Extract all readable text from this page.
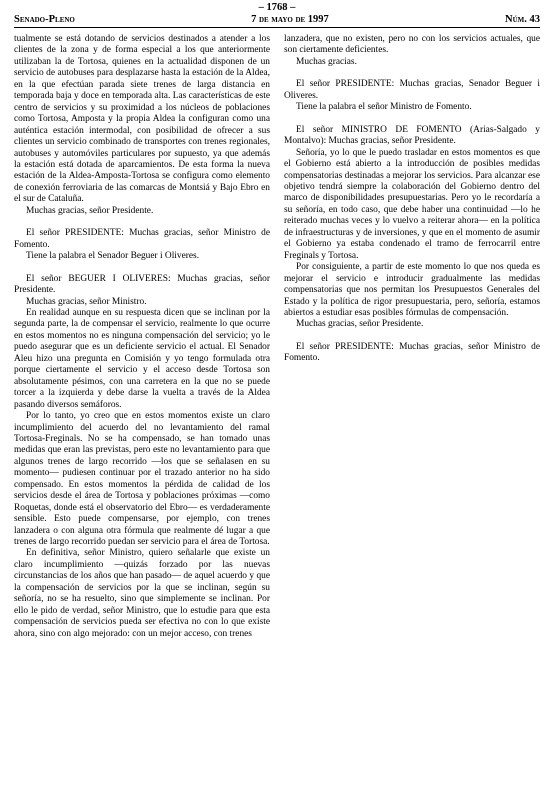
– 1768 –
Senado-Pleno	7 de mayo de 1997	Núm. 43

tualmente se está dotando de servicios destinados a atender a los clientes de la zona y de forma especial a los que anteriormente utilizaban la de Tortosa, quienes en la actualidad disponen de un servicio de autobuses para desplazarse hasta la estación de la Aldea, en la que efectúan parada siete trenes de larga distancia en temporada baja y doce en temporada alta. Las características de este centro de servicios y su proximidad a los núcleos de poblaciones como Tortosa, Amposta y la propia Aldea la configuran como una auténtica estación intermodal, con posibilidad de ofrecer a sus clientes un servicio combinado de transportes con trenes regionales, autobuses y automóviles particulares por supuesto, ya que además la estación está dotada de aparcamientos. De esta forma la nueva estación de la Aldea-Amposta-Tortosa se configura como elemento de conexión ferroviaria de las comarcas de Montsiá y Bajo Ebro en el sur de Cataluña.

Muchas gracias, señor Presidente.

El señor PRESIDENTE: Muchas gracias, señor Ministro de Fomento.

Tiene la palabra el Senador Beguer i Oliveres.

El señor BEGUER I OLIVERES: Muchas gracias, señor Presidente.

Muchas gracias, señor Ministro.

En realidad aunque en su respuesta dicen que se inclinan por la segunda parte, la de compensar el servicio, realmente lo que ocurre en estos momentos no es ninguna compensación del servicio; yo le puedo asegurar que es un deficiente servicio el actual. El Senador Aleu hizo una pregunta en Comisión y yo tengo formulada otra porque ciertamente el servicio y el acceso desde Tortosa son absolutamente pésimos, con una carretera en la que no se puede torcer a la izquierda y debe darse la vuelta a través de la Aldea pasando diversos semáforos.

Por lo tanto, yo creo que en estos momentos existe un claro incumplimiento del acuerdo del no levantamiento del ramal Tortosa-Freginals. No se ha compensado, se han tomado unas medidas que eran las previstas, pero este no levantamiento para que algunos trenes de largo recorrido —los que se señalasen en su momento— pudiesen continuar por el trazado anterior no ha sido compensado. En estos momentos la pérdida de calidad de los servicios desde el área de Tortosa y poblaciones próximas —como Roquetas, donde está el observatorio del Ebro— es verdaderamente sensible. Esto puede compensarse, por ejemplo, con trenes lanzadera o con alguna otra fórmula que realmente dé lugar a que trenes de largo recorrido puedan ser servicio para el área de Tortosa.

En definitiva, señor Ministro, quiero señalarle que existe un claro incumplimiento —quizás forzado por las nuevas circunstancias de los años que han pasado— de aquel acuerdo y que la compensación de servicios por la que se inclinan, según su señoría, no se ha resuelto, sino que simplemente se inclinan. Por ello le pido de verdad, señor Ministro, que lo estudie para que esta compensación de servicios pueda ser efectiva no con lo que existe ahora, sino con algo mejorado: con un mejor acceso, con trenes

lanzadera, que no existen, pero no con los servicios actuales, que son ciertamente deficientes.

Muchas gracias.

El señor PRESIDENTE: Muchas gracias, Senador Beguer i Oliveres.

Tiene la palabra el señor Ministro de Fomento.

El señor MINISTRO DE FOMENTO (Arias-Salgado y Montalvo): Muchas gracias, señor Presidente.

Señoría, yo lo que le puedo trasladar en estos momentos es que el Gobierno está abierto a la introducción de posibles medidas compensatorias destinadas a mejorar los servicios. Para alcanzar ese objetivo tendrá siempre la colaboración del Gobierno dentro del marco de disponibilidades presupuestarias. Pero yo le recordaría a su señoría, en todo caso, que debe haber una continuidad —lo he reiterado muchas veces y lo vuelvo a reiterar ahora— en la política de infraestructuras y de inversiones, y que en el momento de asumir el Gobierno ya estaba condenado el tramo de ferrocarril entre Freginals y Tortosa.

Por consiguiente, a partir de este momento lo que nos queda es mejorar el servicio e introducir gradualmente las medidas compensatorias que nos permitan los Presupuestos Generales del Estado y la política de rigor presupuestaria, pero, señoría, estamos abiertos a estudiar esas posibles fórmulas de compensación.

Muchas gracias, señor Presidente.

El señor PRESIDENTE: Muchas gracias, señor Ministro de Fomento.
